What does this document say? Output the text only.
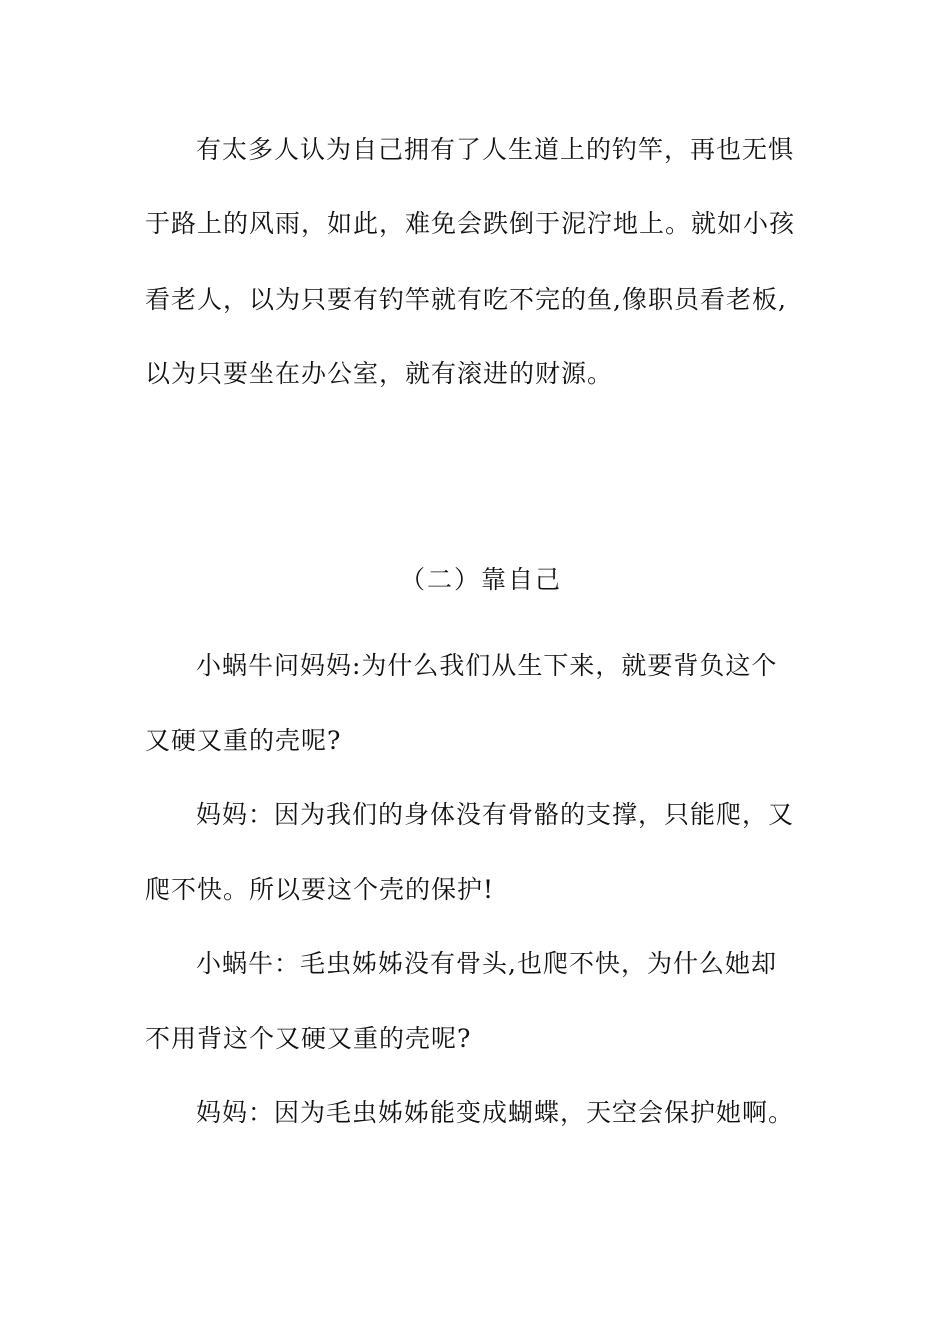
有太多人认为自己拥有了人生道上的钓竿，再也无惧
于路上的风雨，如此，难免会跌倒于泥泞地上。就如小孩
看老人，以为只要有钓竿就有吃不完的鱼,像职员看老板,
以为只要坐在办公室，就有滚进的财源。
（二）靠自己
小蜗牛问妈妈:为什么我们从生下来，就要背负这个
又硬又重的壳呢?
妈妈：因为我们的身体没有骨骼的支撑，只能爬，又
爬不快。所以要这个壳的保护!
小蜗牛：毛虫姊姊没有骨头,也爬不快，为什么她却
不用背这个又硬又重的壳呢?
妈妈：因为毛虫姊姊能变成蝴蝶，天空会保护她啊。
